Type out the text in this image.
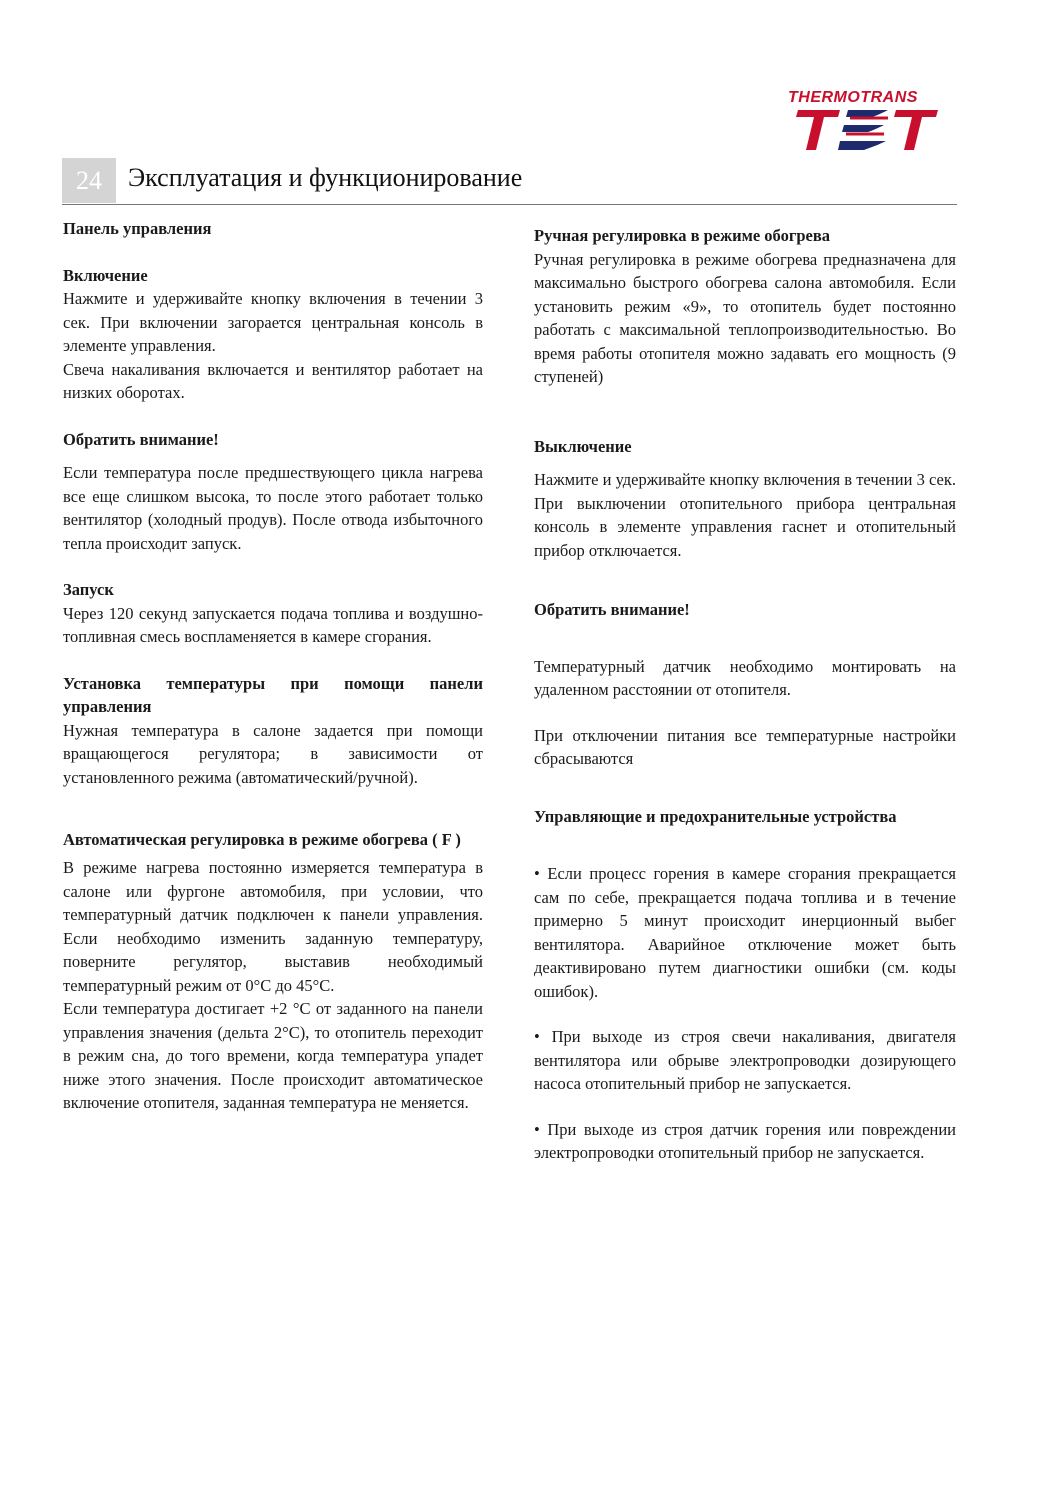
THERMOTRANS
24	Эксплуатация и функционирование
Панель управления
Включение

Нажмите и удерживайте кнопку включения в течении 3 сек. При включении загорается центральная консоль в элементе управления.

Свеча накаливания включается и вентилятор работает на низких оборотах.

Обратить внимание!

Если температура после предшествующего цикла нагрева все еще слишком высока, то после этого работает только вентилятор (холодный продув). После отвода избыточного тепла происходит запуск.

Запуск

Через 120 секунд запускается подача топлива и воздушно-топливная смесь воспламеняется в камере сгорания.

Установка температуры при помощи панели управления

Нужная температура в салоне задается при помощи вращающегося регулятора; в зависимости от установленного режима (автоматический/ручной).

Автоматическая регулировка в режиме обогрева ( F )

В режиме нагрева постоянно измеряется температура в салоне или фургоне автомобиля, при условии, что температурный датчик подключен к панели управления. Если необходимо изменить заданную температуру, поверните регулятор, выставив необходимый температурный режим от 0°C до 45°C.

Если температура достигает +2 °C от заданного на панели управления значения (дельта 2°C), то отопитель переходит в режим сна, до того времени, когда температура упадет ниже этого значения. После происходит автоматическое включение отопителя, заданная температура не меняется.

Ручная регулировка в режиме обогрева

Ручная регулировка в режиме обогрева предназначена для максимально быстрого обогрева салона автомобиля. Если установить режим «9», то отопитель будет постоянно работать с максимальной теплопроизводительностью. Во время работы отопителя можно задавать его мощность (9 ступеней)

Выключение

Нажмите и удерживайте кнопку включения в течении 3 сек. При выключении отопительного прибора центральная консоль в элементе управления гаснет и отопительный прибор отключается.

Обратить внимание!

Температурный датчик необходимо монтировать на удаленном расстоянии от отопителя.

При отключении питания все температурные настройки сбрасываются

Управляющие и предохранительные устройства

• Если процесс горения в камере сгорания прекращается сам по себе, прекращается подача топлива и в течение примерно 5 минут происходит инерционный выбег вентилятора. Аварийное отключение может быть деактивировано путем диагностики ошибки (см. коды ошибок).

• При выходе из строя свечи накаливания, двигателя вентилятора или обрыве электропроводки дозирующего насоса отопительный прибор не запускается.

• При выходе из строя датчик горения или повреждении электропроводки отопительный прибор не запускается.
